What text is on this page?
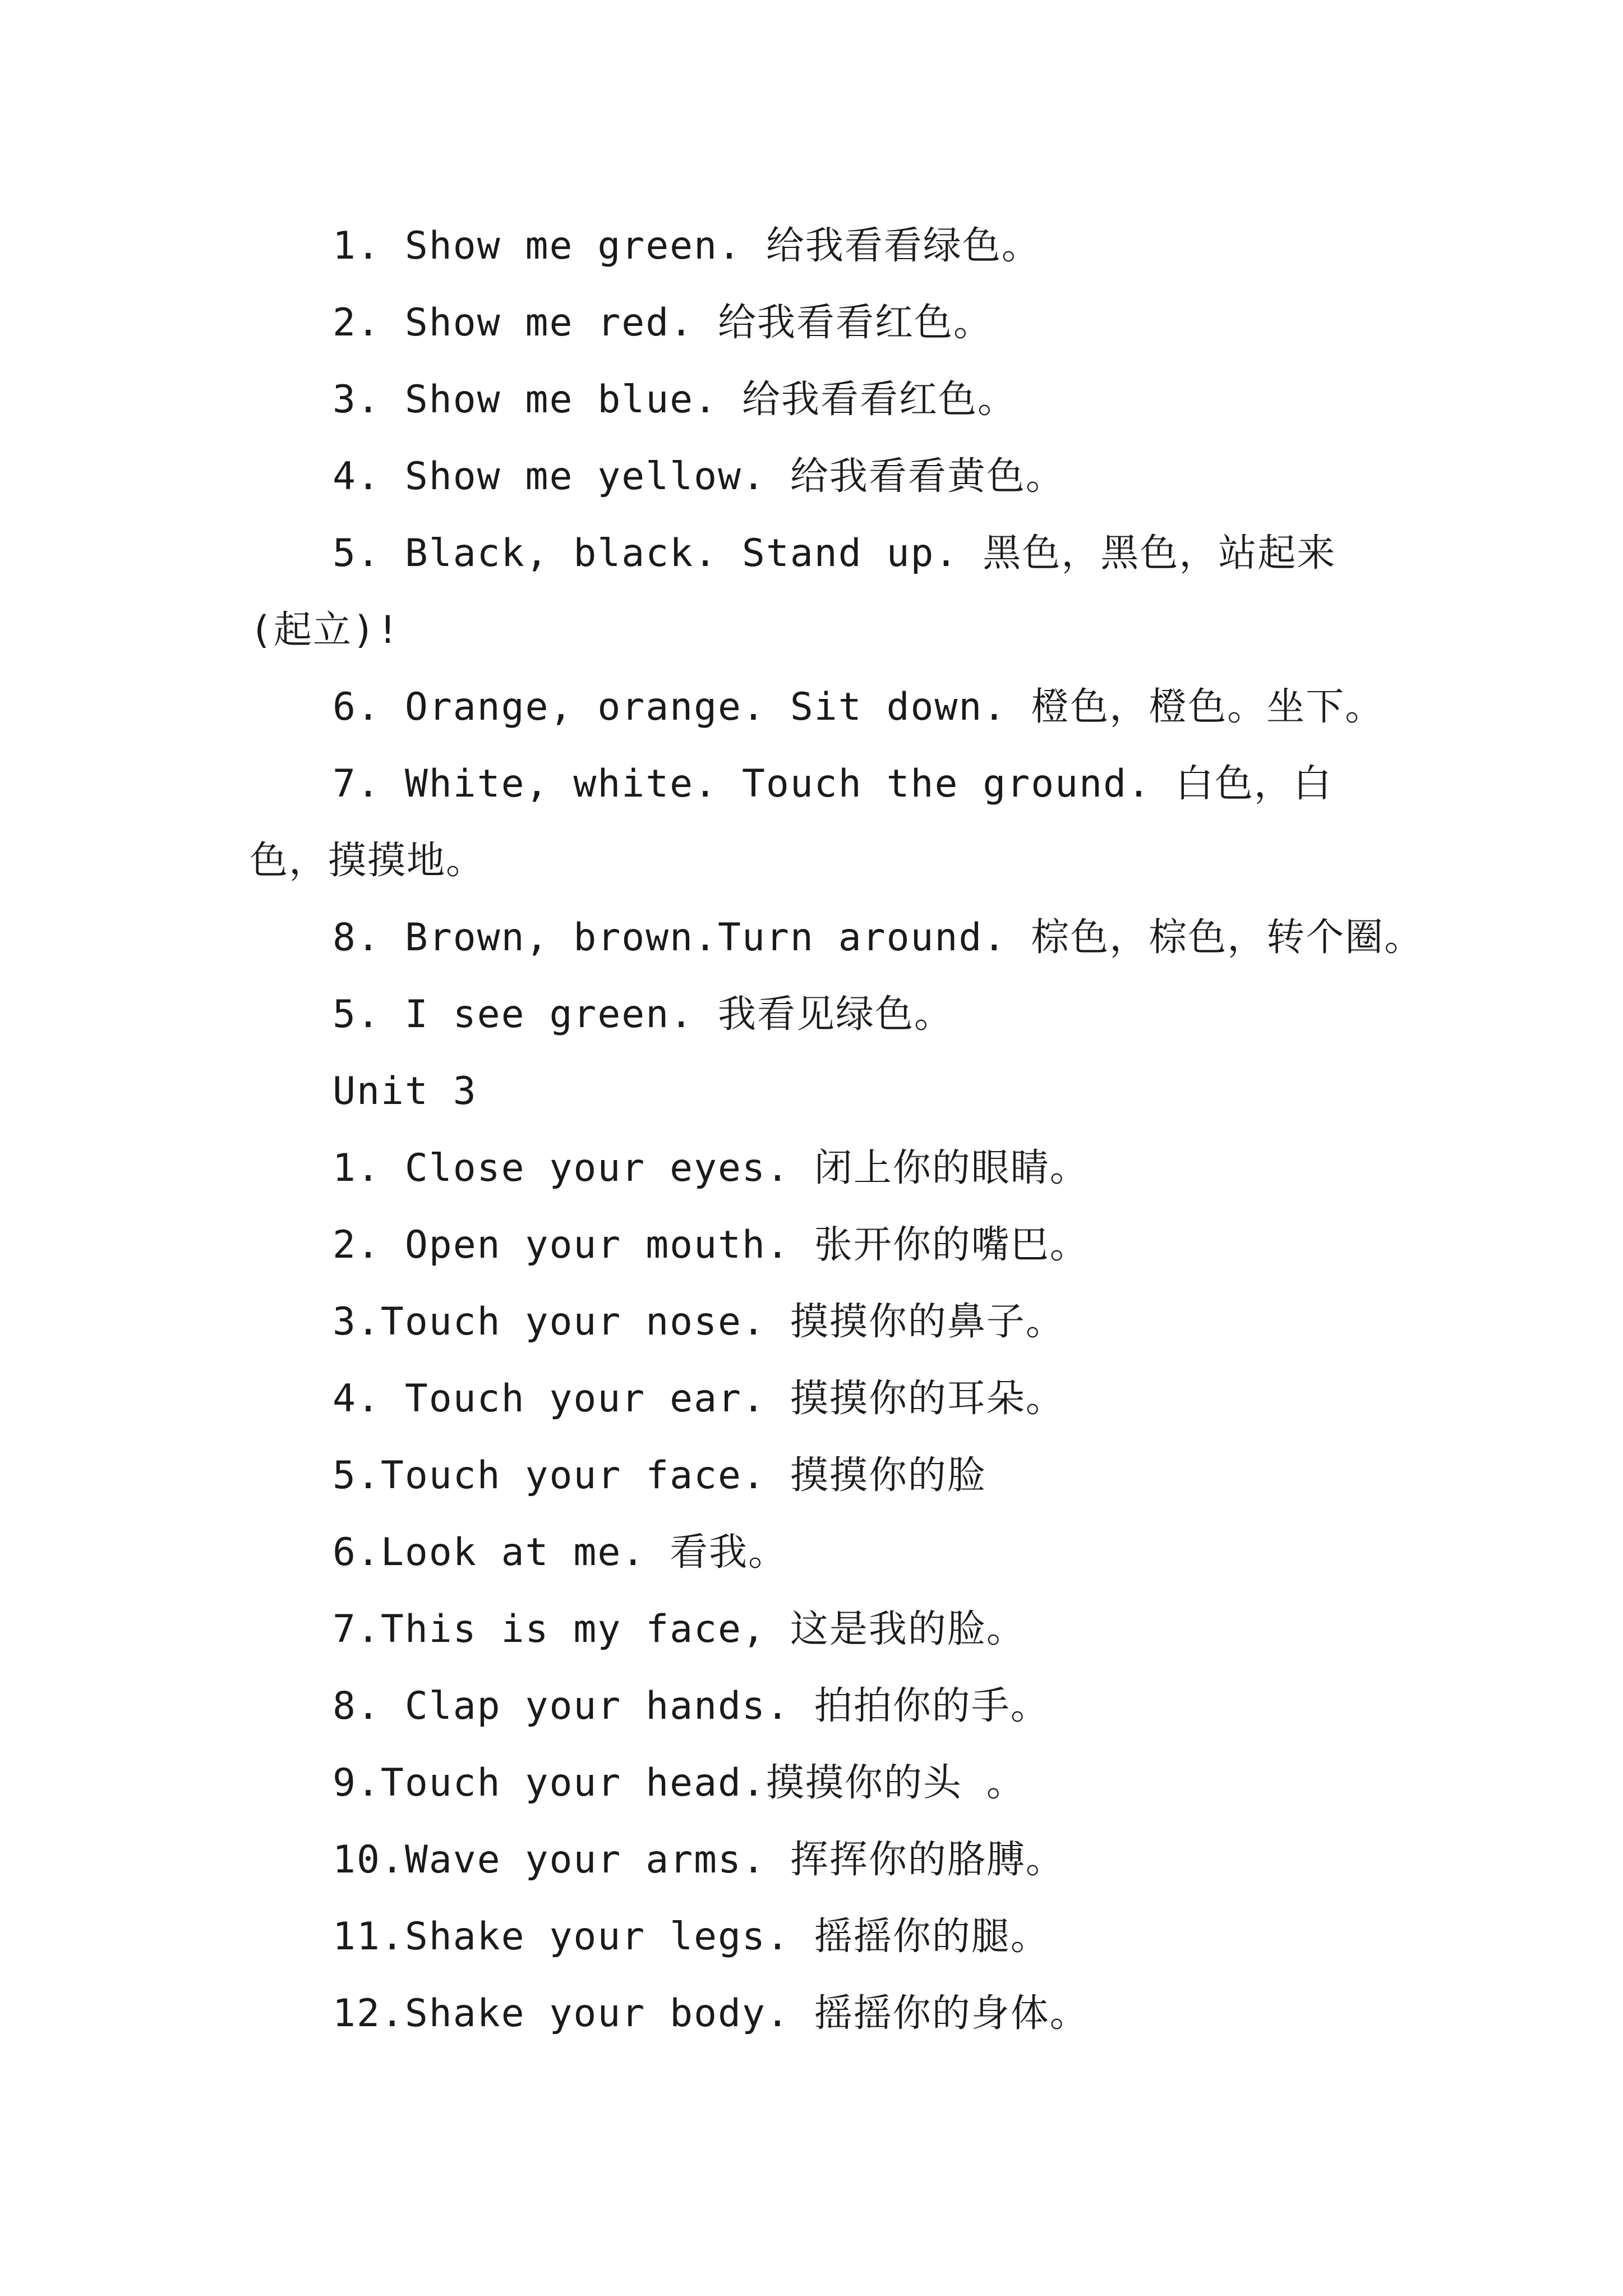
1. Show me green. 给我看看绿色。
2. Show me red. 给我看看红色。
3. Show me blue. 给我看看红色。
4. Show me yellow. 给我看看黄色。
5. Black, black. Stand up. 黑色，黑色，站起来(起立)!
6. Orange, orange. Sit down. 橙色，橙色。坐下。
7. White, white. Touch the ground. 白色，白色，摸摸地。
8. Brown, brown.Turn around. 棕色，棕色，转个圈。
5. I see green. 我看见绿色。
Unit 3
1. Close your eyes. 闭上你的眼睛。
2. Open your mouth. 张开你的嘴巴。
3.Touch your nose. 摸摸你的鼻子。
4. Touch your ear. 摸摸你的耳朵。
5.Touch your face. 摸摸你的脸
6.Look at me. 看我。
7.This is my face, 这是我的脸。
8. Clap your hands. 拍拍你的手。
9.Touch your head.摸摸你的头 。
10.Wave your arms. 挥挥你的胳膊。
11.Shake your legs. 摇摇你的腿。
12.Shake your body. 摇摇你的身体。
